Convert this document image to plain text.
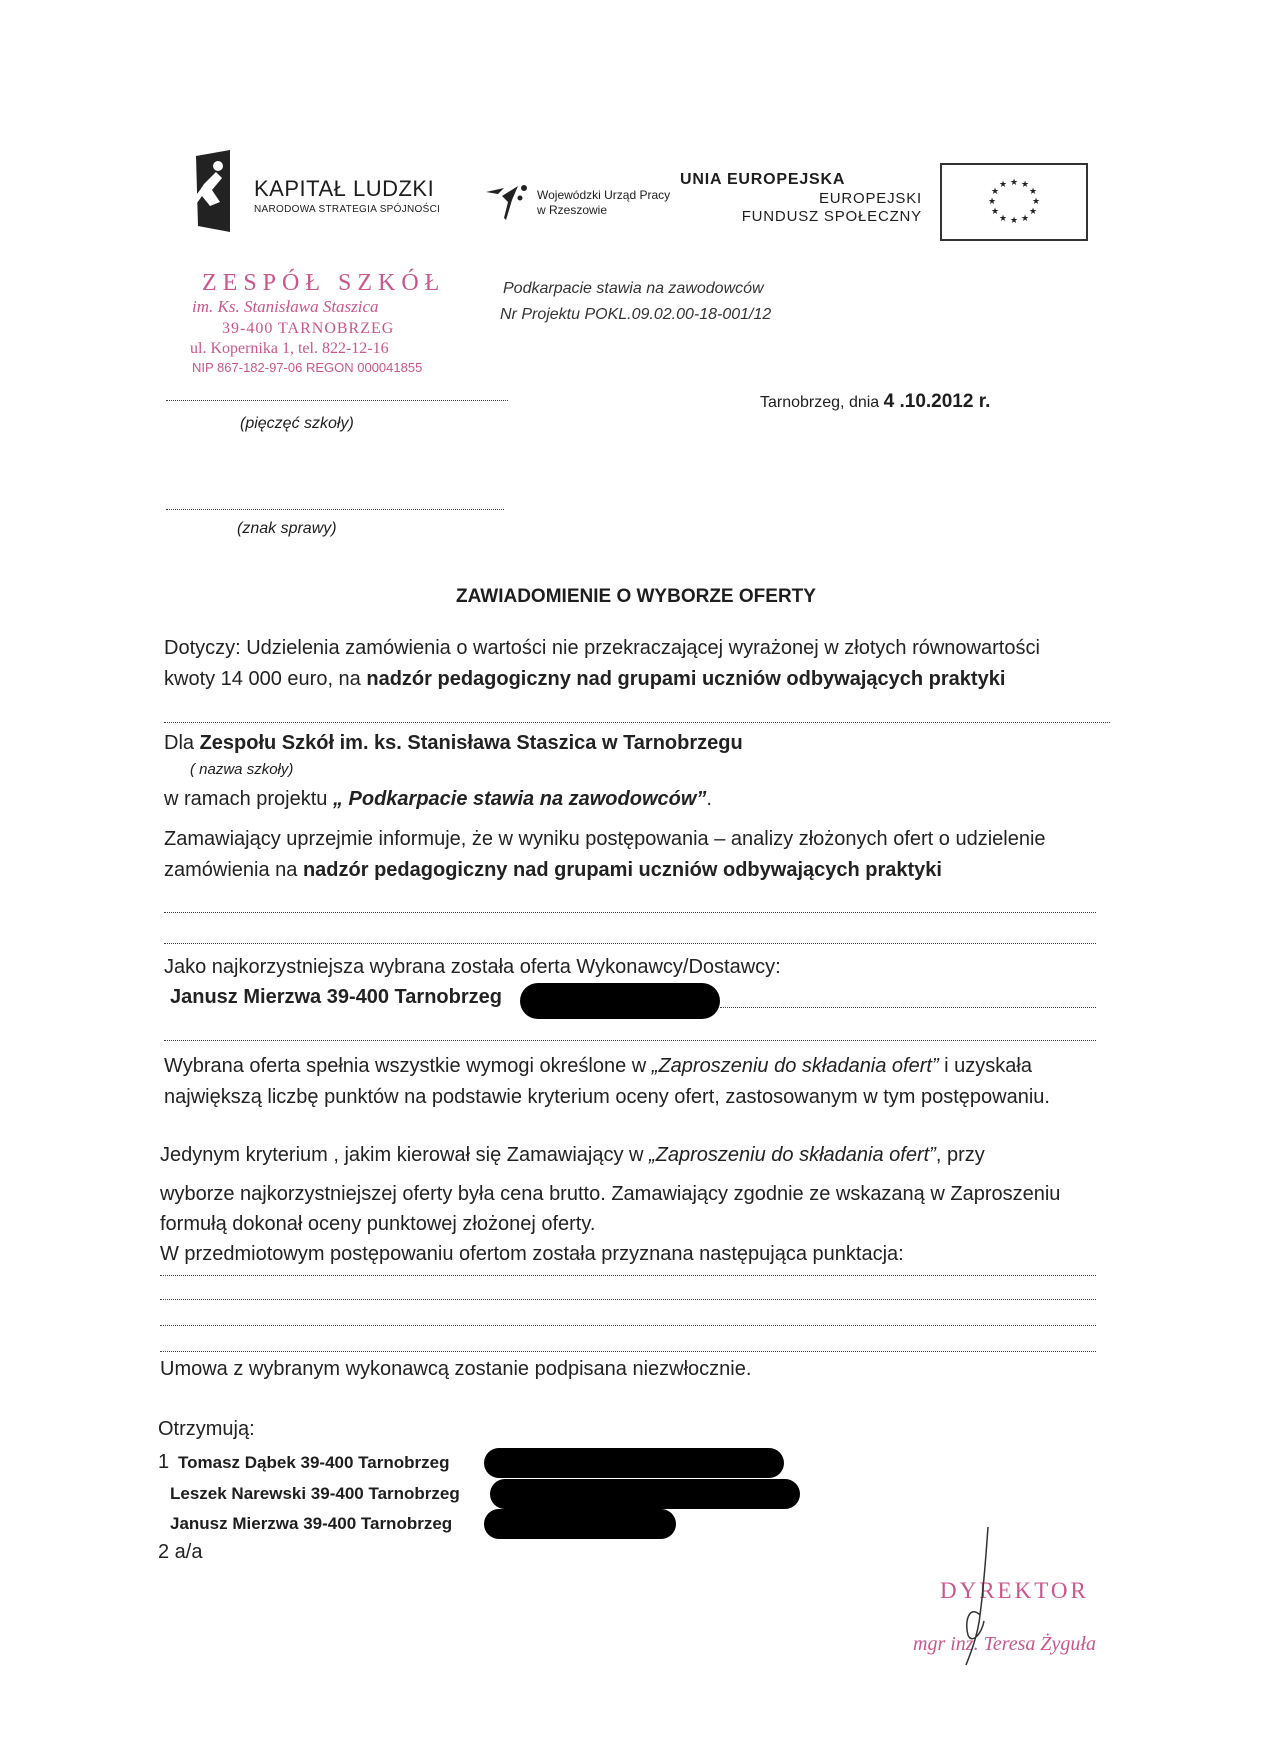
KAPITAŁ LUDZKI
NARODOWA STRATEGIA SPÓJNOŚCI
Wojewódzki Urząd Pracy
w Rzeszowie
UNIA EUROPEJSKA
EUROPEJSKI
FUNDUSZ SPOŁECZNY
★ ★
★
★
★
★
★
★
★
★
★
★
ZESPÓŁ SZKÓŁ
im. Ks. Stanisława Staszica
39-400 TARNOBRZEG
ul. Kopernika 1, tel. 822-12-16
NIP 867-182-97-06 REGON 000041855
Podkarpacie stawia na zawodowców
Nr Projektu POKL.09.02.00-18-001/12
(pięczęć szkoły)
Tarnobrzeg, dnia 4 .10.2012 r.
(znak sprawy)
ZAWIADOMIENIE O WYBORZE OFERTY
Dotyczy: Udzielenia zamówienia o wartości nie przekraczającej wyrażonej w złotych równowartości
kwoty 14 000 euro, na nadzór pedagogiczny nad grupami uczniów odbywających praktyki
Dla Zespołu Szkół im. ks. Stanisława Staszica w Tarnobrzegu
( nazwa szkoły)
w ramach projektu „ Podkarpacie stawia na zawodowców”.
Zamawiający uprzejmie informuje, że w wyniku postępowania – analizy złożonych ofert o udzielenie
zamówienia na nadzór pedagogiczny nad grupami uczniów odbywających praktyki
Jako najkorzystniejsza wybrana została oferta Wykonawcy/Dostawcy:
Janusz Mierzwa 39-400 Tarnobrzeg
Wybrana oferta spełnia wszystkie wymogi określone w „Zaproszeniu do składania ofert” i uzyskała
największą liczbę punktów na podstawie kryterium oceny ofert, zastosowanym w tym postępowaniu.
Jedynym kryterium , jakim kierował się Zamawiający w „Zaproszeniu do składania ofert”, przy
wyborze najkorzystniejszej oferty była cena brutto. Zamawiający zgodnie ze wskazaną w Zaproszeniu
formułą dokonał oceny punktowej złożonej oferty.
W przedmiotowym postępowaniu ofertom została przyznana następująca punktacja:
Umowa z wybranym wykonawcą zostanie podpisana niezwłocznie.
Otrzymują:
1 Tomasz Dąbek 39-400 Tarnobrzeg
Leszek Narewski 39-400 Tarnobrzeg
Janusz Mierzwa 39-400 Tarnobrzeg
2 a/a
DYREKTOR
mgr inż. Teresa Żyguła
